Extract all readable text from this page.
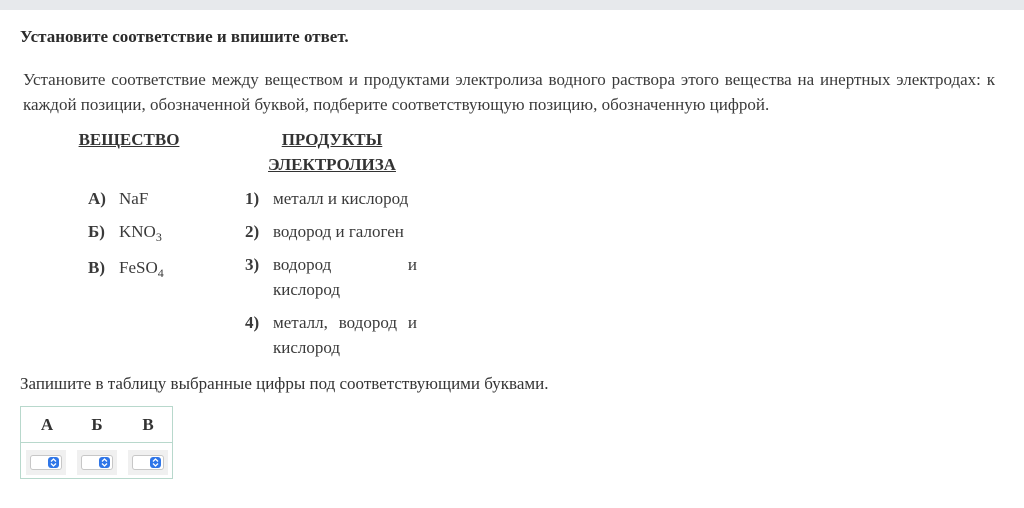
Установите соответствие и впишите ответ.
Установите соответствие между веществом и продуктами электролиза водного раствора этого вещества на инертных электродах: к каждой позиции, обозначенной буквой, подберите соответствующую позицию, обозначенную цифрой.
ВЕЩЕСТВО	ПРОДУКТЫ
ЭЛЕКТРОЛИЗА
А) NaF
Б) $KNO_3$
В) FeSO$_4$
1) металл и кислород
2) водород и галоген
3) водород и
кислород
4) металл, водород и
кислород
Запишите в таблицу выбранные цифры под соответствующими буквами.
А	Б	В
